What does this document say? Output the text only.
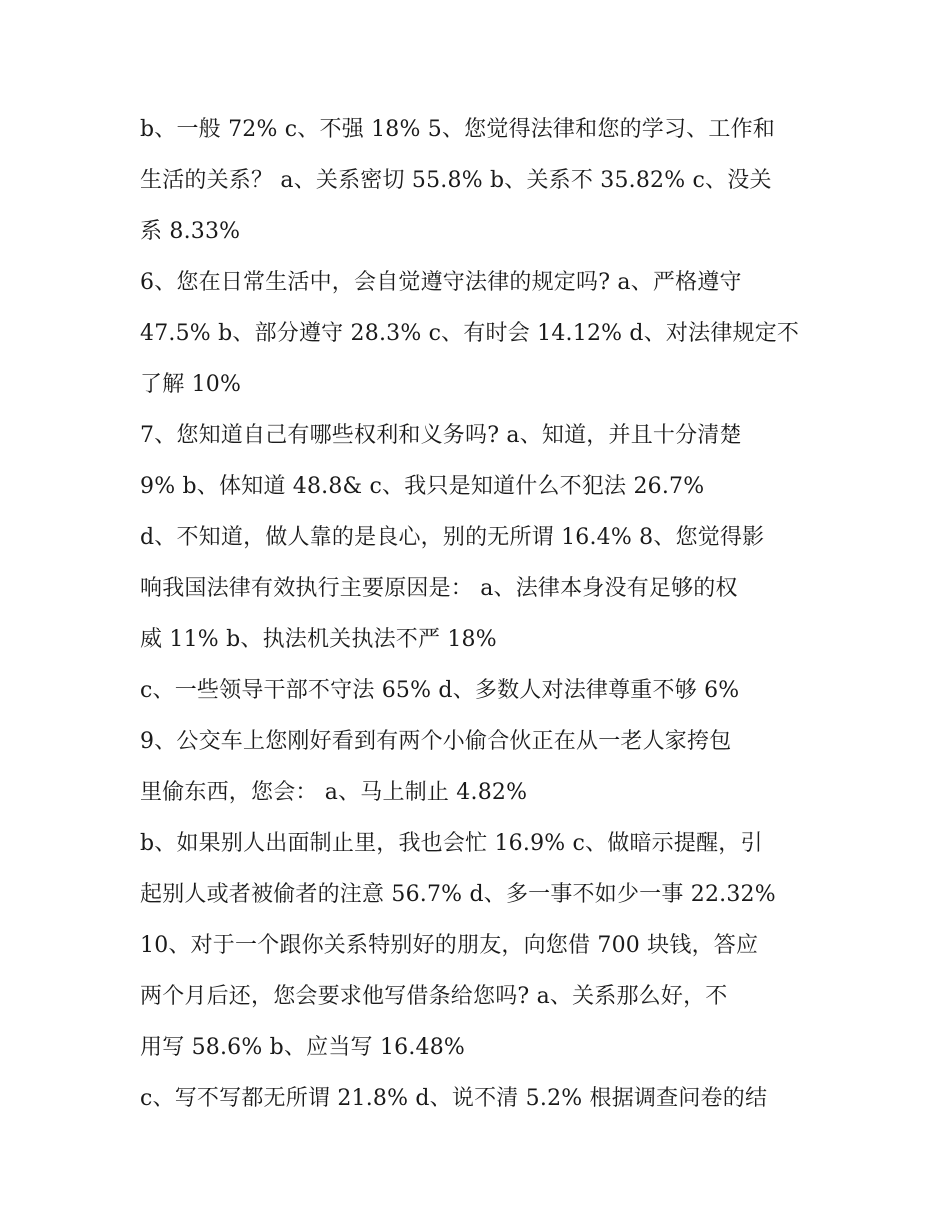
b、一般 72% c、不强 18% 5、您觉得法律和您的学习、工作和
生活的关系？ a、关系密切 55.8% b、关系不 35.82% c、没关
系 8.33%
6、您在日常生活中，会自觉遵守法律的规定吗? a、严格遵守
47.5% b、部分遵守 28.3% c、有时会 14.12% d、对法律规定不
了解 10%
7、您知道自己有哪些权利和义务吗? a、知道，并且十分清楚
9% b、体知道 48.8& c、我只是知道什么不犯法 26.7%
d、不知道，做人靠的是良心，别的无所谓 16.4% 8、您觉得影
响我国法律有效执行主要原因是： a、法律本身没有足够的权
威 11% b、执法机关执法不严 18%
c、一些领导干部不守法 65% d、多数人对法律尊重不够 6%
9、公交车上您刚好看到有两个小偷合伙正在从一老人家挎包
里偷东西，您会： a、马上制止 4.82%
b、如果别人出面制止里，我也会忙 16.9% c、做暗示提醒，引
起别人或者被偷者的注意 56.7% d、多一事不如少一事 22.32%
10、对于一个跟你关系特别好的朋友，向您借 700 块钱，答应
两个月后还，您会要求他写借条给您吗? a、关系那么好，不
用写 58.6% b、应当写 16.48%
c、写不写都无所谓 21.8% d、说不清 5.2% 根据调查问卷的结
